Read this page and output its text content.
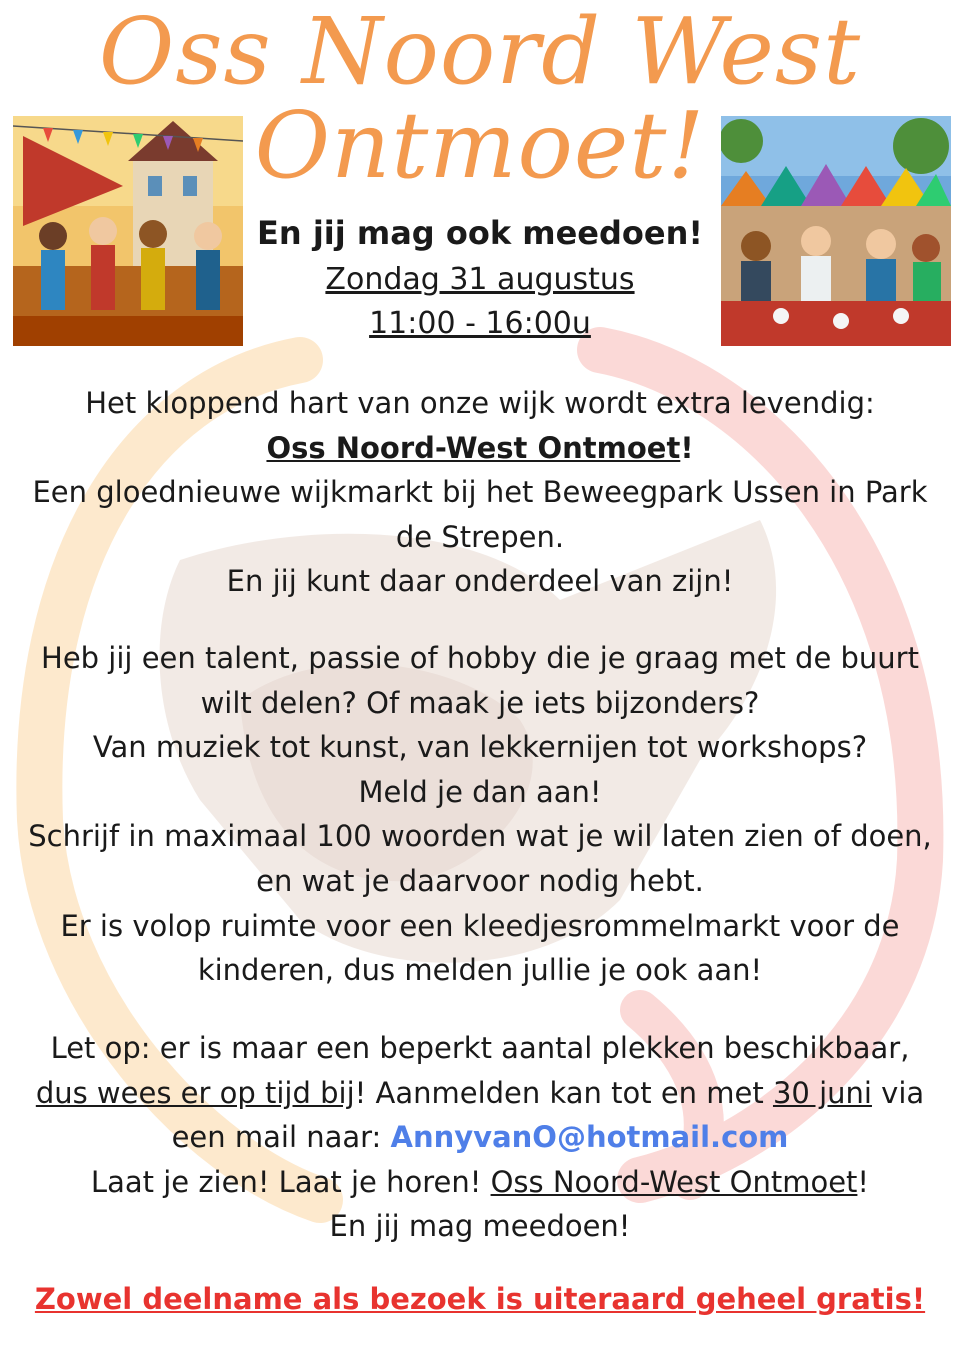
Oss Noord West
Ontmoet!
En jij mag ook meedoen!
Zondag 31 augustus
11:00 - 16:00u
Het kloppend hart van onze wijk wordt extra levendig:
Oss Noord-West Ontmoet!
Een gloednieuwe wijkmarkt bij het Beweegpark Ussen in Park
de Strepen.
En jij kunt daar onderdeel van zijn!
Heb jij een talent, passie of hobby die je graag met de buurt
wilt delen? Of maak je iets bijzonders?
Van muziek tot kunst, van lekkernijen tot workshops?
Meld je dan aan!
Schrijf in maximaal 100 woorden wat je wil laten zien of doen,
en wat je daarvoor nodig hebt.
Er is volop ruimte voor een kleedjesrommelmarkt voor de
kinderen, dus melden jullie je ook aan!
Let op: er is maar een beperkt aantal plekken beschikbaar,
dus wees er op tijd bij! Aanmelden kan tot en met 30 juni via
een mail naar: AnnyvanO@hotmail.com
Laat je zien! Laat je horen! Oss Noord-West Ontmoet!
En jij mag meedoen!
Zowel deelname als bezoek is uiteraard geheel gratis!
